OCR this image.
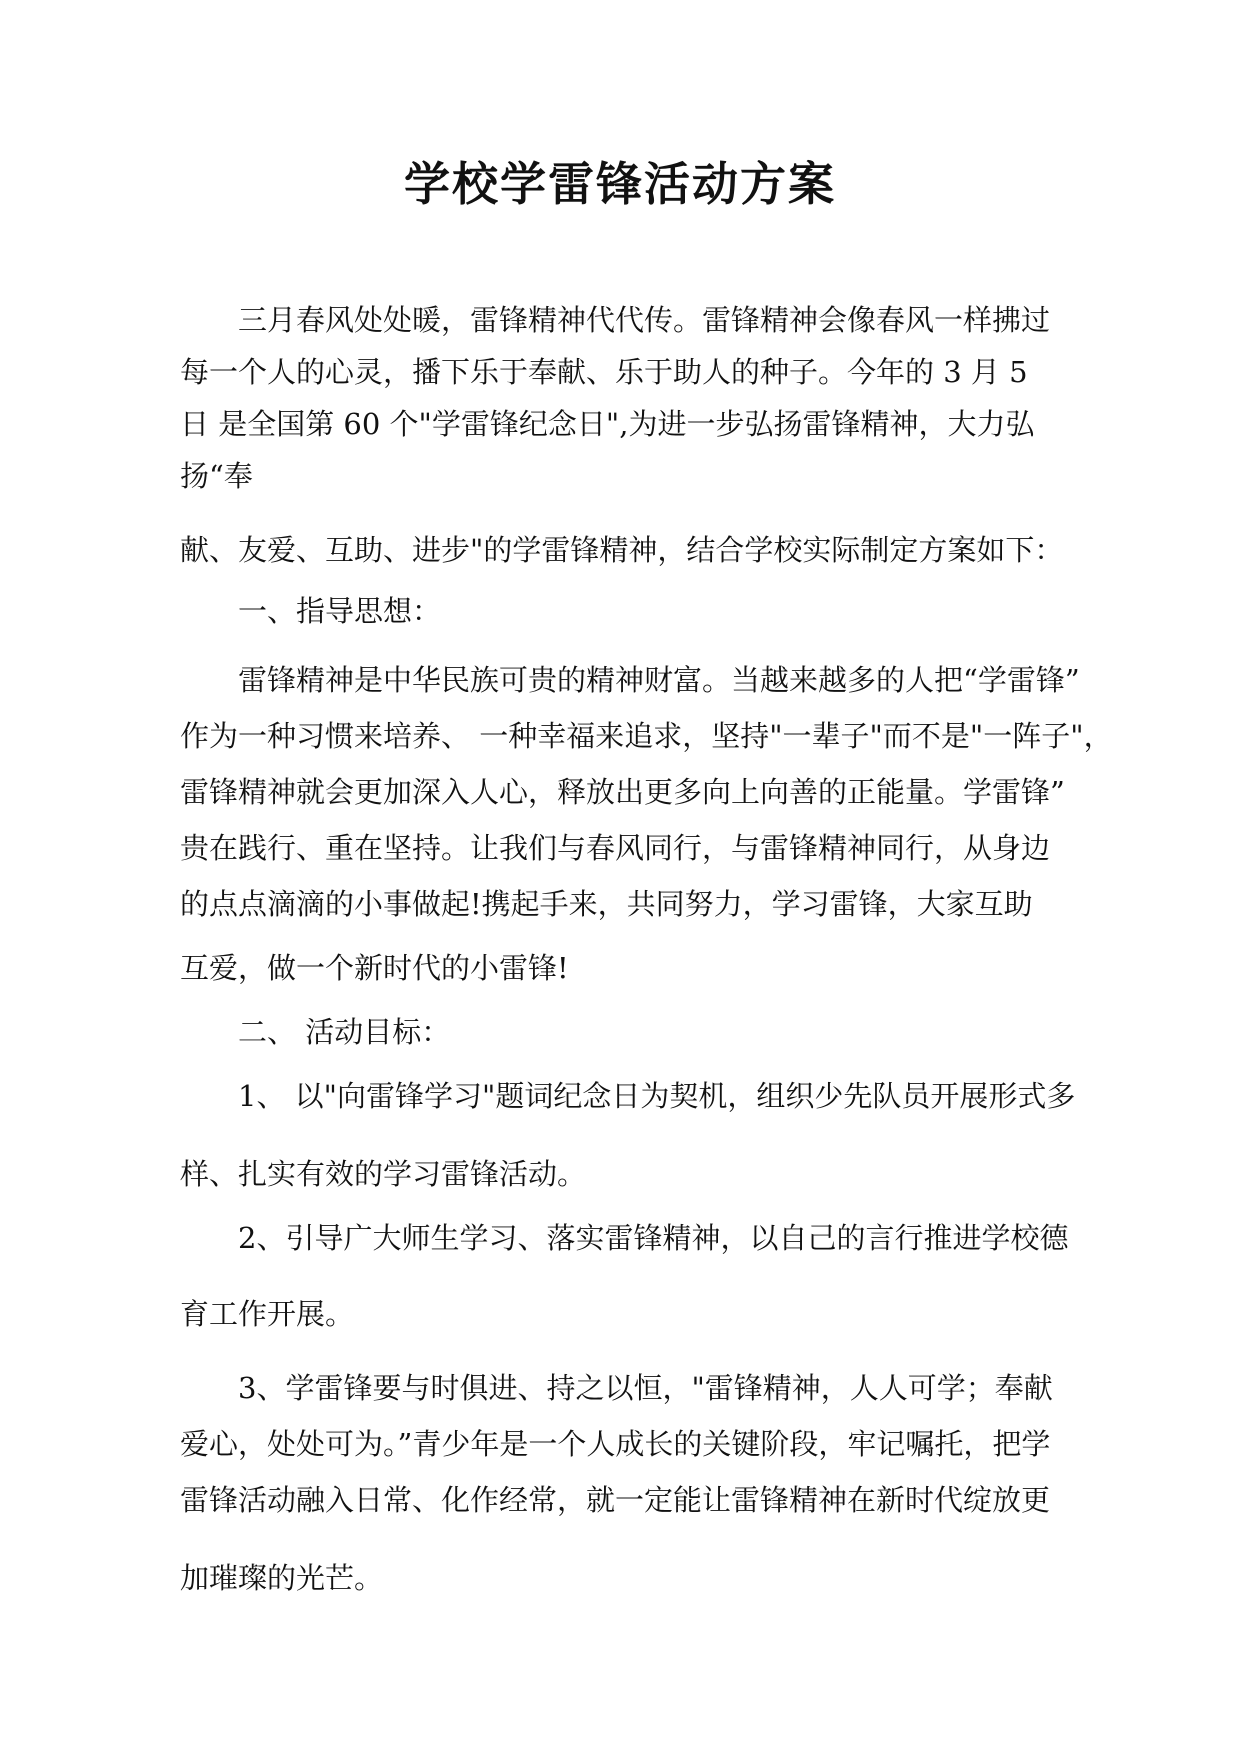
学校学雷锋活动方案

三月春风处处暖，雷锋精神代代传。雷锋精神会像春风一样拂过

每一个人的心灵，播下乐于奉献、乐于助人的种子。今年的 3 月 5

日 是全国第 60 个"学雷锋纪念日",为进一步弘扬雷锋精神，大力弘

扬“奉

献、友爱、互助、进步"的学雷锋精神，结合学校实际制定方案如下：

一、指导思想：

雷锋精神是中华民族可贵的精神财富。当越来越多的人把“学雷锋”

作为一种习惯来培养、 一种幸福来追求，坚持"一辈子"而不是"一阵子"，

雷锋精神就会更加深入人心，释放出更多向上向善的正能量。学雷锋”

贵在践行、重在坚持。让我们与春风同行，与雷锋精神同行，从身边

的点点滴滴的小事做起!携起手来，共同努力，学习雷锋，大家互助

互爱，做一个新时代的小雷锋!

二、 活动目标：

1、 以"向雷锋学习"题词纪念日为契机，组织少先队员开展形式多

样、扎实有效的学习雷锋活动。

2、引导广大师生学习、落实雷锋精神，以自己的言行推进学校德

育工作开展。

3、学雷锋要与时俱进、持之以恒，"雷锋精神，人人可学；奉献

爱心，处处可为。”青少年是一个人成长的关键阶段，牢记嘱托，把学

雷锋活动融入日常、化作经常，就一定能让雷锋精神在新时代绽放更

加璀璨的光芒。
